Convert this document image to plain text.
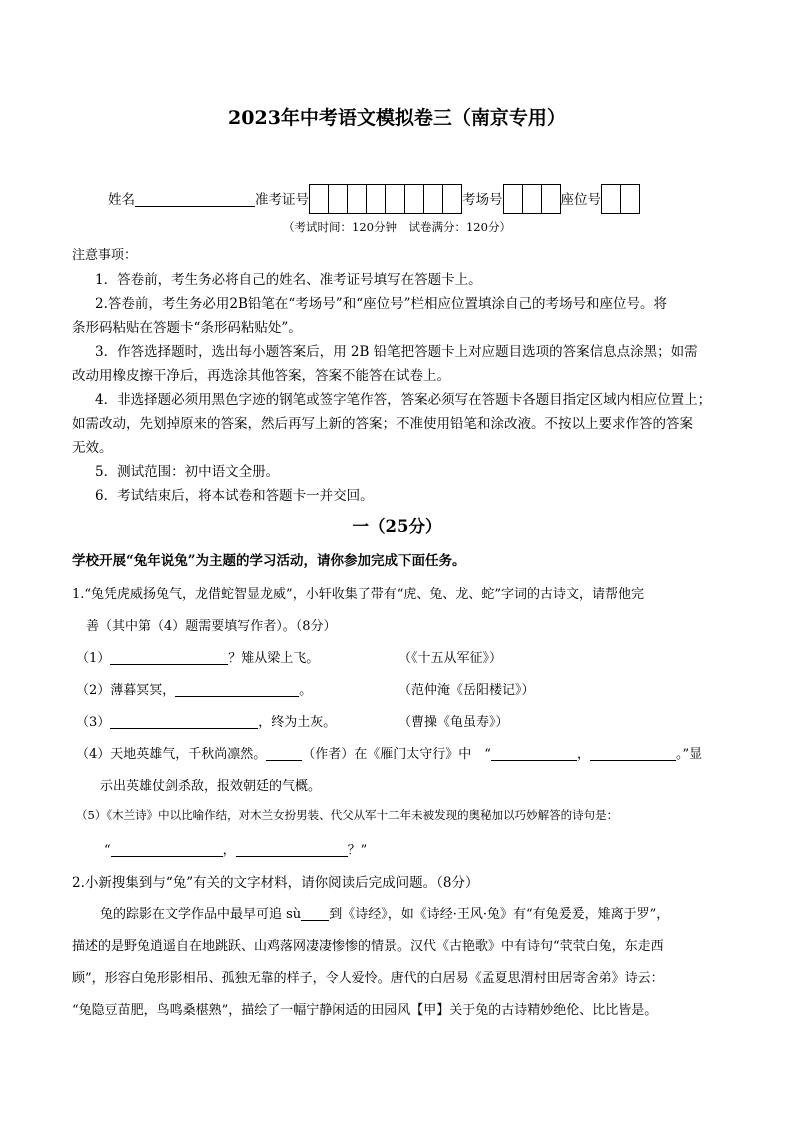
2023年中考语文模拟卷三（南京专用）
姓名	准考证号	考场号	座位号
（考试时间：120分钟　试卷满分：120分）
注意事项：
1．答卷前，考生务必将自己的姓名、准考证号填写在答题卡上。
2.答卷前，考生务必用2B铅笔在“考场号”和“座位号”栏相应位置填涂自己的考场号和座位号。将
条形码粘贴在答题卡“条形码粘贴处”。
3．作答选择题时，选出每小题答案后，用 2B 铅笔把答题卡上对应题目选项的答案信息点涂黑；如需
改动用橡皮擦干净后，再选涂其他答案，答案不能答在试卷上。
4．非选择题必须用黑色字迹的钢笔或签字笔作答，答案必须写在答题卡各题目指定区域内相应位置上；
如需改动，先划掉原来的答案，然后再写上新的答案；不准使用铅笔和涂改液。不按以上要求作答的答案
无效。
5．测试范围：初中语文全册。
6．考试结束后，将本试卷和答题卡一并交回。
一（25分）
学校开展“兔年说兔”为主题的学习活动，请你参加完成下面任务。
1.“兔凭虎威扬兔气，龙借蛇智显龙威”，小轩收集了带有“虎、兔、龙、蛇”字词的古诗文，请帮他完
善（其中第（4）题需要填写作者）。（8分）
（1）	？雉从梁上飞。	（《十五从军征》）
（2）薄暮冥冥，	。	（范仲淹《岳阳楼记》）
（3）	，终为土灰。	（曹操《龟虽寿》）
（4）天地英雄气，千秋尚凛然。	（作者）在《雁门太守行》中　“	，	。”显
示出英雄仗剑杀敌，报效朝廷的气概。
（5）《木兰诗》中以比喻作结，对木兰女扮男装、代父从军十二年未被发现的奥秘加以巧妙解答的诗句是：
“	，	？”
2.小新搜集到与“兔”有关的文字材料，请你阅读后完成问题。（8分）
兔的踪影在文学作品中最早可追 sù 到《诗经》，如《诗经·王风·兔》有“有兔爰爰，雉离于罗”，
描述的是野兔逍遥自在地跳跃、山鸡落网凄凄惨惨的情景。汉代《古艳歌》中有诗句“茕茕白兔，东走西
顾”，形容白兔形影相吊、孤独无靠的样子，令人爱怜。唐代的白居易《孟夏思渭村田居寄舍弟》诗云：
“兔隐豆苗肥，鸟鸣桑椹熟”，描绘了一幅宁静闲适的田园风【甲】关于兔的古诗精妙绝伦、比比皆是。
